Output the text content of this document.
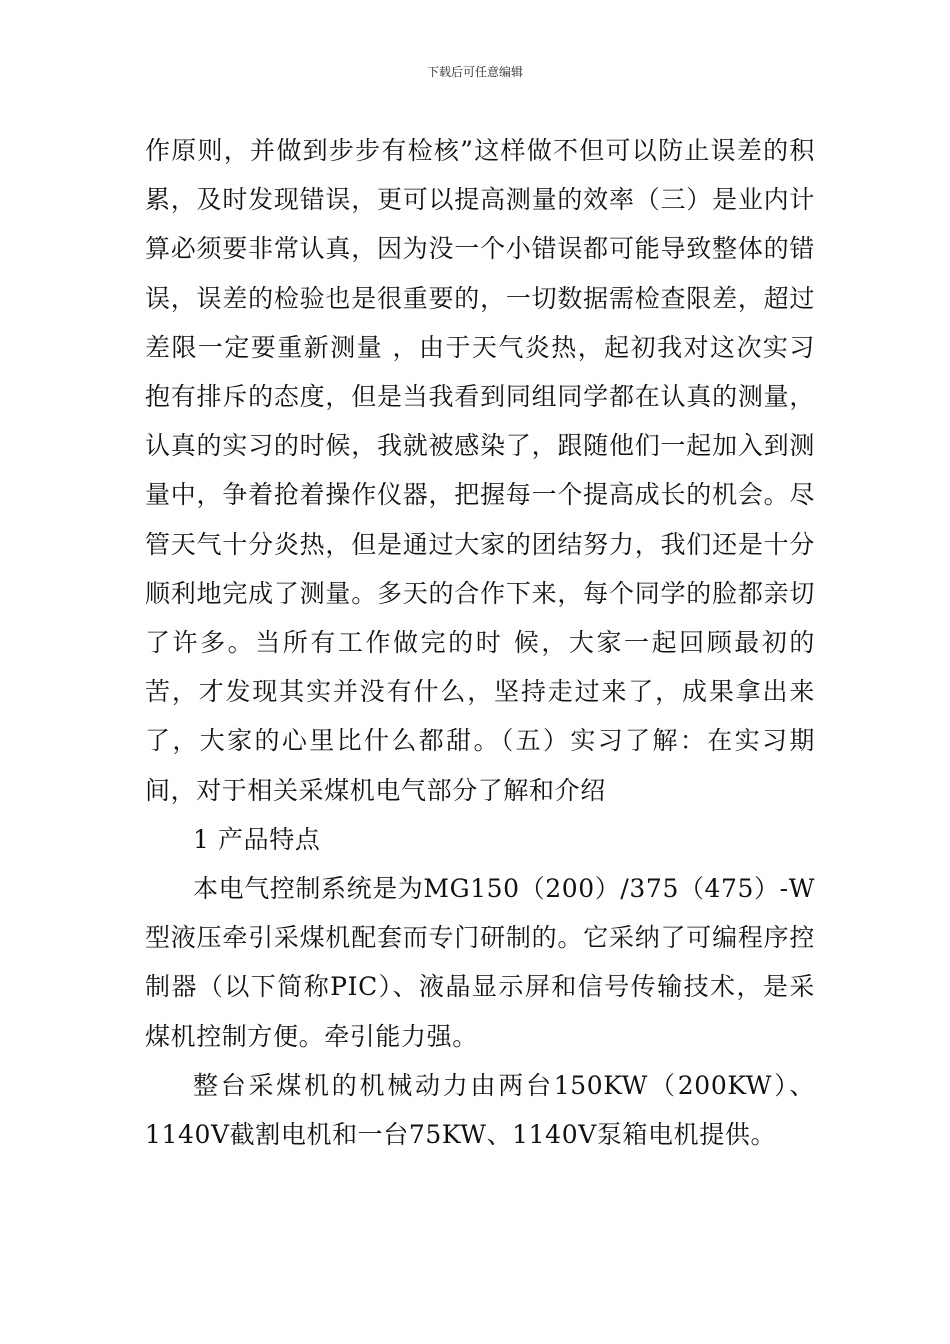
下载后可任意编辑

作原则，并做到步步有检核”这样做不但可以防止误差的积累，及时发现错误，更可以提高测量的效率（三）是业内计算必须要非常认真，因为没一个小错误都可能导致整体的错误，误差的检验也是很重要的，一切数据需检查限差，超过差限一定要重新测量 ，由于天气炎热，起初我对这次实习抱有排斥的态度，但是当我看到同组同学都在认真的测量，认真的实习的时候，我就被感染了，跟随他们一起加入到测量中，争着抢着操作仪器，把握每一个提高成长的机会。尽管天气十分炎热，但是通过大家的团结努力，我们还是十分顺利地完成了测量。多天的合作下来，每个同学的脸都亲切了许多。当所有工作做完的时 候，大家一起回顾最初的苦，才发现其实并没有什么，坚持走过来了，成果拿出来了，大家的心里比什么都甜。（五）实习了解：在实习期间，对于相关采煤机电气部分了解和介绍

1 产品特点

本电气控制系统是为MG150（200）/375（475）-W型液压牵引采煤机配套而专门研制的。它采纳了可编程序控制器（以下简称PIC）、液晶显示屏和信号传输技术，是采煤机控制方便。牵引能力强。

整台采煤机的机械动力由两台150KW（200KW）、1140V截割电机和一台75KW、1140V泵箱电机提供。
